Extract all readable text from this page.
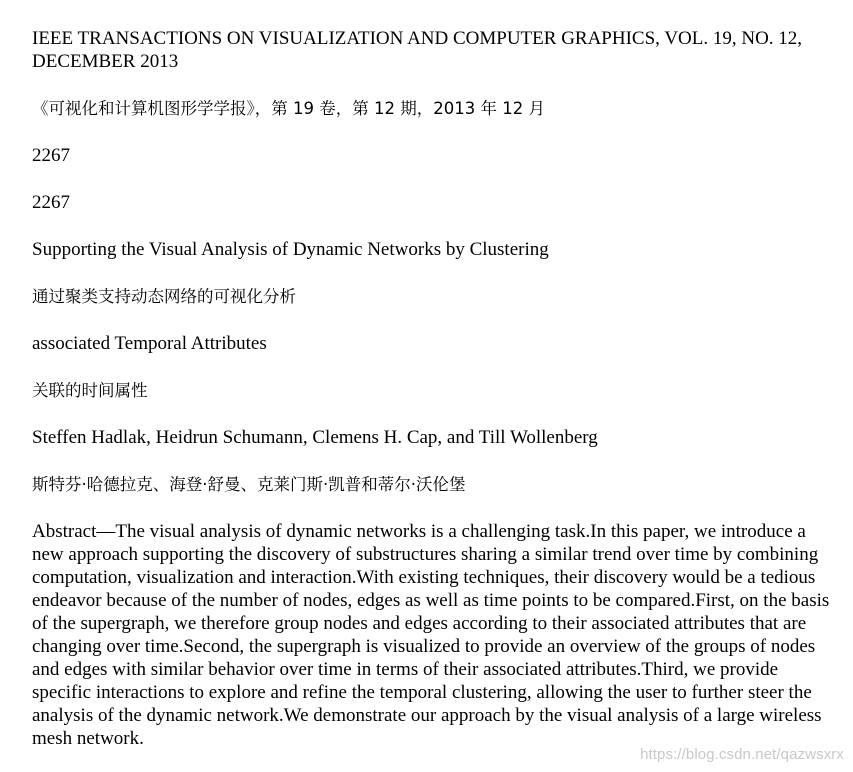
IEEE TRANSACTIONS ON VISUALIZATION AND COMPUTER GRAPHICS, VOL. 19, NO. 12, DECEMBER 2013

《可视化和计算机图形学学报》，第 19 卷，第 12 期，2013 年 12 月

2267

2267

Supporting the Visual Analysis of Dynamic Networks by Clustering

通过聚类支持动态网络的可视化分析

associated Temporal Attributes

关联的时间属性

Steffen Hadlak, Heidrun Schumann, Clemens H. Cap, and Till Wollenberg

斯特芬·哈德拉克、海登·舒曼、克莱门斯·凯普和蒂尔·沃伦堡

Abstract—The visual analysis of dynamic networks is a challenging task.In this paper, we introduce a new approach supporting the discovery of substructures sharing a similar trend over time by combining computation, visualization and interaction.With existing techniques, their discovery would be a tedious endeavor because of the number of nodes, edges as well as time points to be compared.First, on the basis of the supergraph, we therefore group nodes and edges according to their associated attributes that are changing over time.Second, the supergraph is visualized to provide an overview of the groups of nodes and edges with similar behavior over time in terms of their associated attributes.Third, we provide specific interactions to explore and refine the temporal clustering, allowing the user to further steer the analysis of the dynamic network.We demonstrate our approach by the visual analysis of a large wireless mesh network.

https://blog.csdn.net/qazwsxrx
